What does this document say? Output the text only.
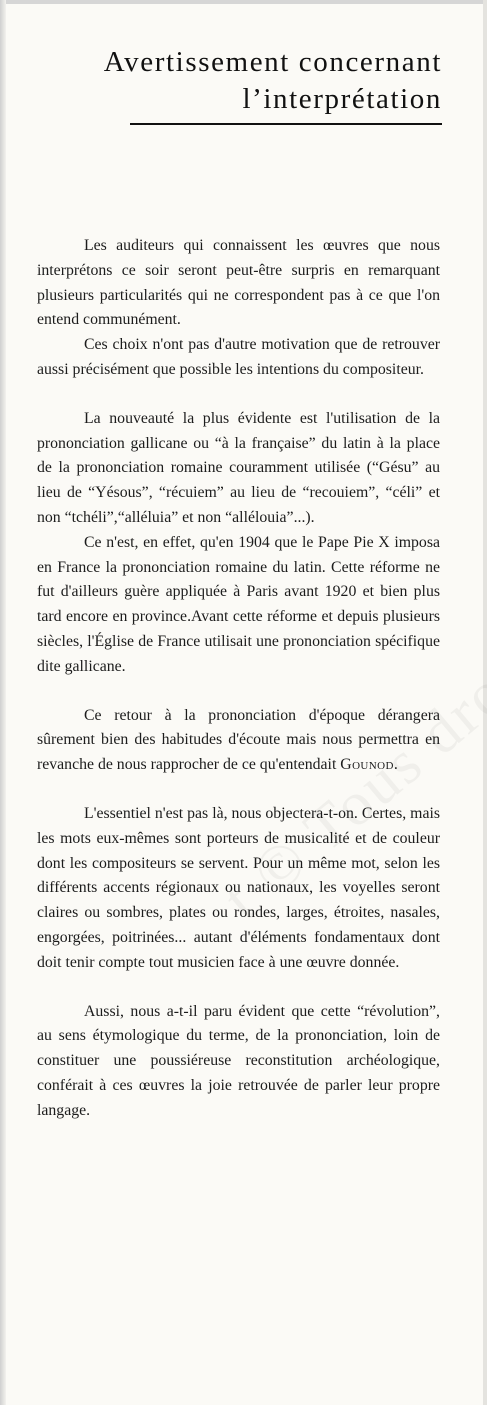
Avertissement concernant
l’interprétation

Les auditeurs qui connaissent les œuvres que nous interprétons ce soir seront peut-être surpris en remarquant plusieurs particularités qui ne correspondent pas à ce que l'on entend communément.

Ces choix n'ont pas d'autre motivation que de retrouver aussi précisément que possible les intentions du compositeur.

La nouveauté la plus évidente est l'utilisation de la prononciation gallicane ou “à la française” du latin à la place de la prononciation romaine couramment utilisée (“Gésu” au lieu de “Yésous”, “récuiem” au lieu de “recouiem”, “céli” et non “tchéli”,“alléluia” et non “allélouia”...).

Ce n'est, en effet, qu'en 1904 que le Pape Pie X imposa en France la prononciation romaine du latin. Cette réforme ne fut d'ailleurs guère appliquée à Paris avant 1920 et bien plus tard encore en province.Avant cette réforme et depuis plusieurs siècles, l'Église de France utilisait une prononciation spécifique dite gallicane.

Ce retour à la prononciation d'époque dérangera sûrement bien des habitudes d'écoute mais nous permettra en revanche de nous rapprocher de ce qu'entendait Gounod.

L'essentiel n'est pas là, nous objectera-t-on. Certes, mais les mots eux-mêmes sont porteurs de musicalité et de couleur dont les compositeurs se servent. Pour un même mot, selon les différents accents régionaux ou nationaux, les voyelles seront claires ou sombres, plates ou rondes, larges, étroites, nasales, engorgées, poitrinées... autant d'éléments fondamentaux dont doit tenir compte tout musicien face à une œuvre donnée.

Aussi, nous a-t-il paru évident que cette “révolution”, au sens étymologique du terme, de la prononciation, loin de constituer une poussiéreuse reconstitution archéologique, conférait à ces œuvres la joie retrouvée de parler leur propre langage.
